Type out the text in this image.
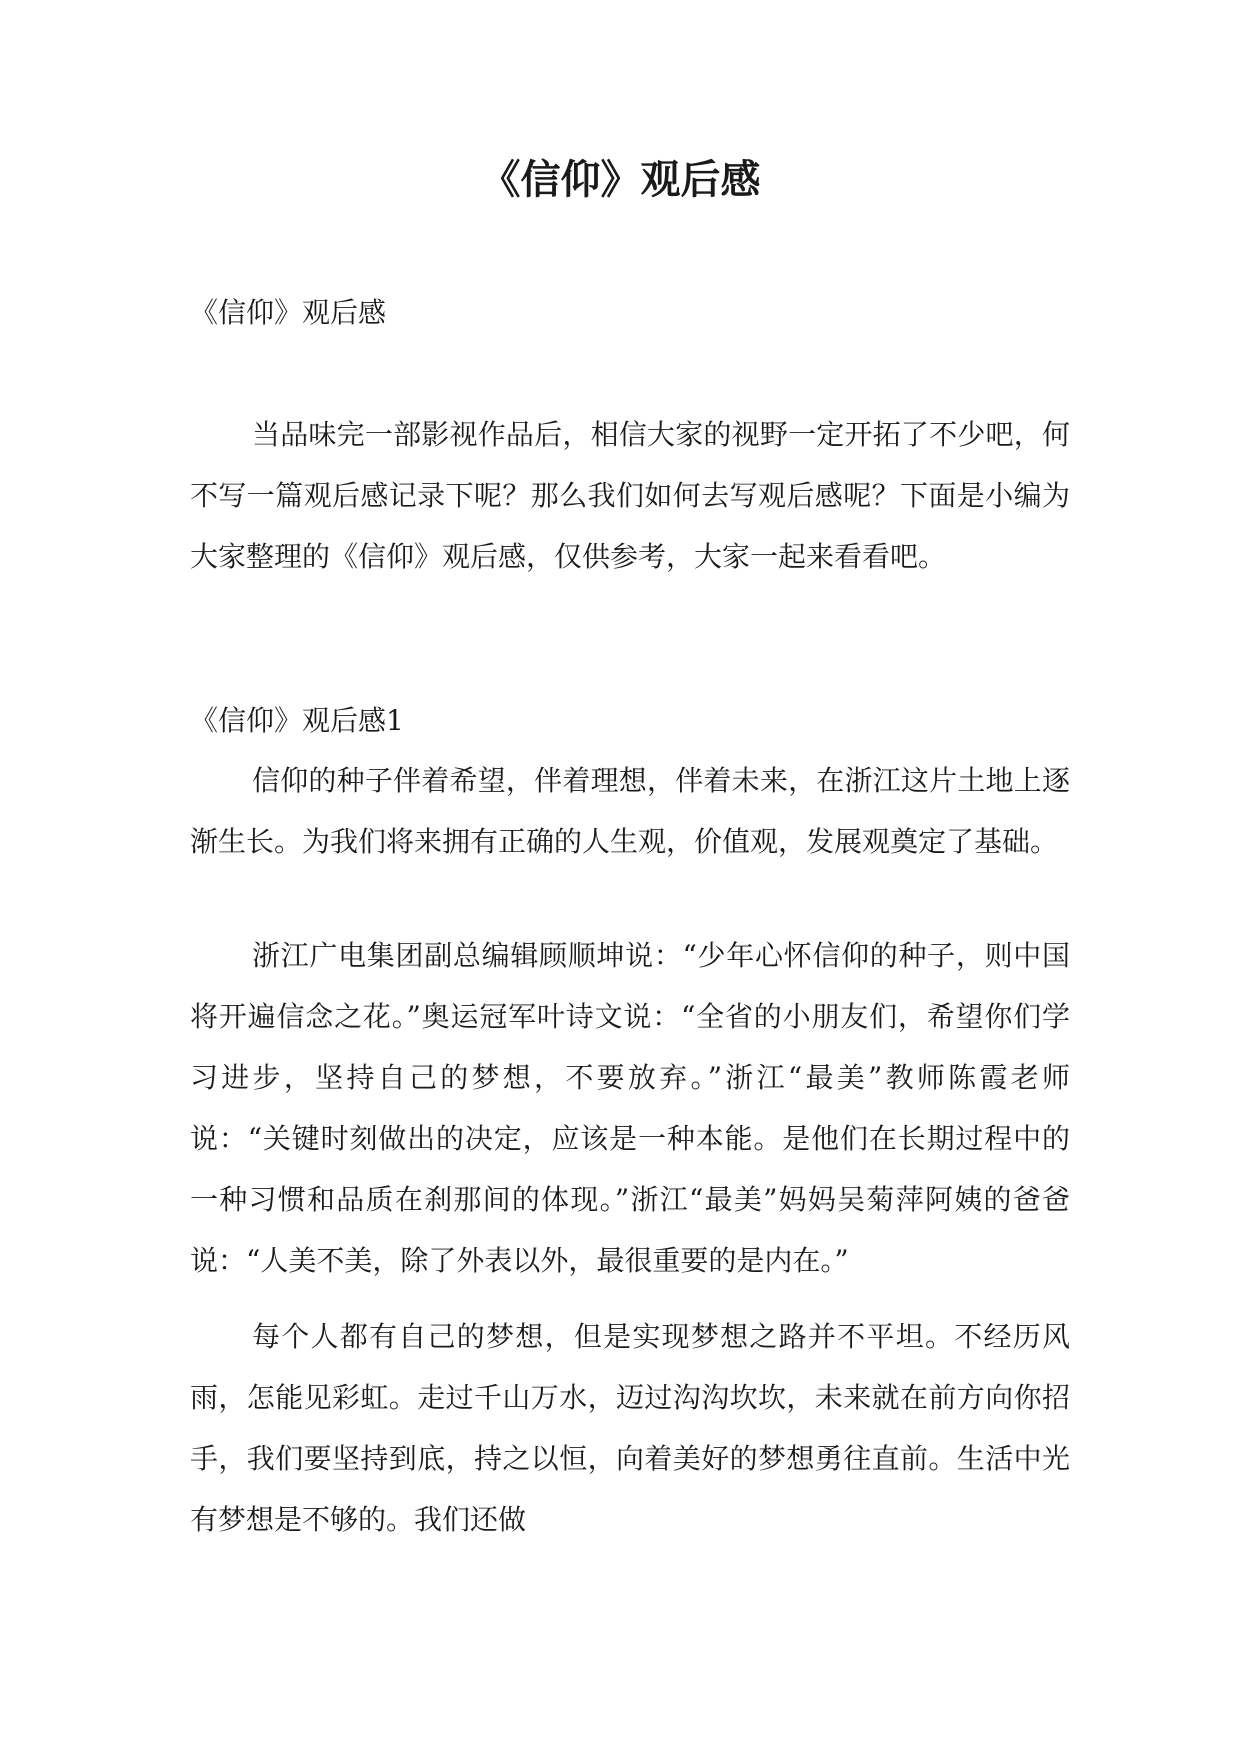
《信仰》观后感

《信仰》观后感

当品味完一部影视作品后，相信大家的视野一定开拓了不少吧，何不写一篇观后感记录下呢？那么我们如何去写观后感呢？下面是小编为大家整理的《信仰》观后感，仅供参考，大家一起来看看吧。

《信仰》观后感1

信仰的种子伴着希望，伴着理想，伴着未来，在浙江这片土地上逐渐生长。为我们将来拥有正确的人生观，价值观，发展观奠定了基础。

浙江广电集团副总编辑顾顺坤说：“少年心怀信仰的种子，则中国将开遍信念之花。”奥运冠军叶诗文说：“全省的小朋友们，希望你们学习进步，坚持自己的梦想，不要放弃。”浙江“最美”教师陈霞老师说：“关键时刻做出的决定，应该是一种本能。是他们在长期过程中的一种习惯和品质在刹那间的体现。”浙江“最美”妈妈吴菊萍阿姨的爸爸说：“人美不美，除了外表以外，最很重要的是内在。”

每个人都有自己的梦想，但是实现梦想之路并不平坦。不经历风雨，怎能见彩虹。走过千山万水，迈过沟沟坎坎，未来就在前方向你招手，我们要坚持到底，持之以恒，向着美好的梦想勇往直前。生活中光有梦想是不够的。我们还做
